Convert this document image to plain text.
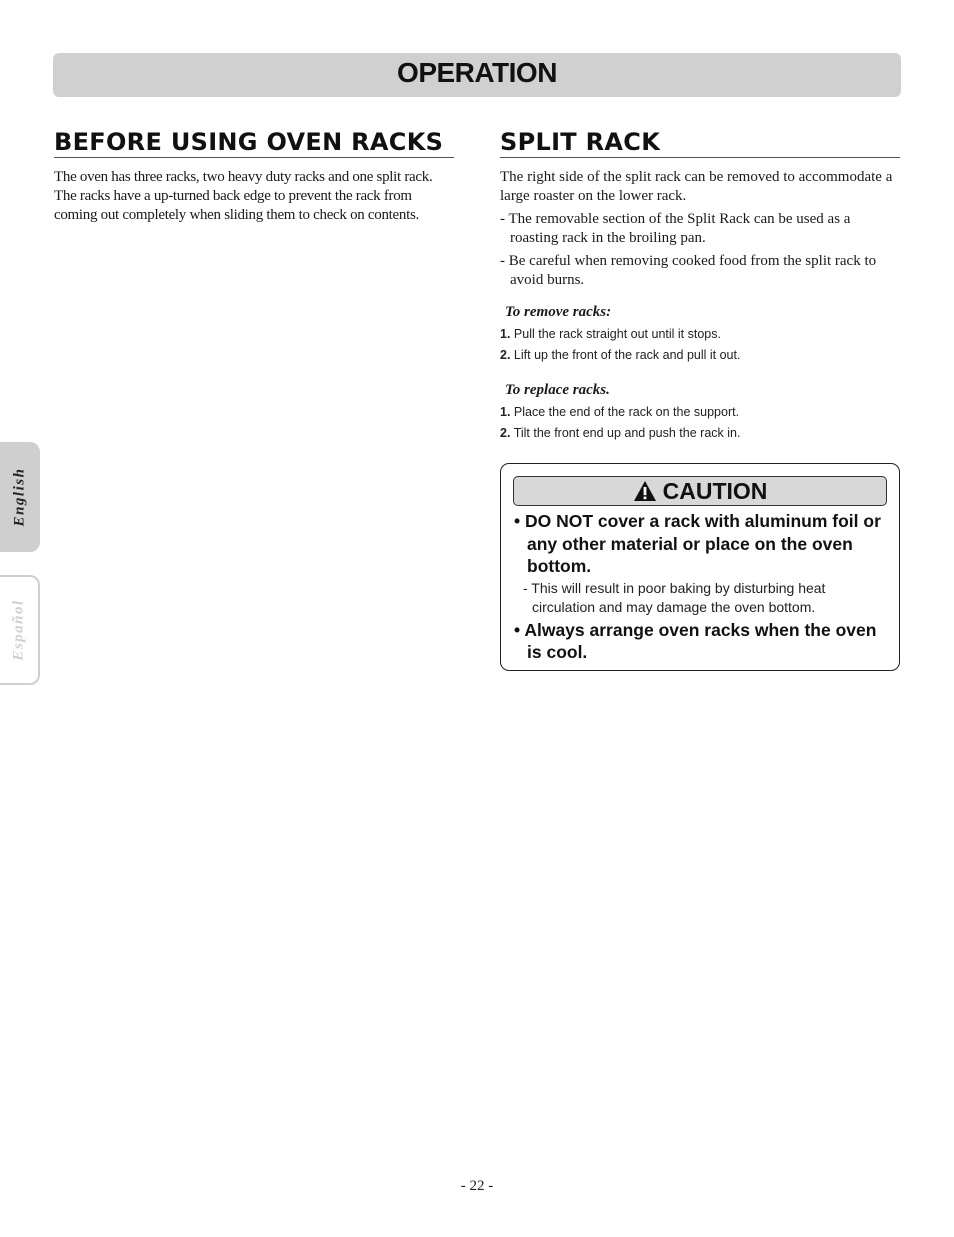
OPERATION
BEFORE USING OVEN RACKS

The oven has three racks, two heavy duty racks and one split rack. The racks have a up-turned back edge to prevent the rack from coming out completely when sliding them to check on contents.

SPLIT RACK

The right side of the split rack can be removed to accommodate a large roaster on the lower rack.

- The removable section of the Split Rack can be used as a roasting rack in the broiling pan.

- Be careful when removing cooked food from the split rack to avoid burns.

To remove racks:

1. Pull the rack straight out until it stops.

2. Lift up the front of the rack and pull it out.

To replace racks.

1. Place the end of the rack on the support.

2. Tilt the front end up and push the rack in.

CAUTION

• DO NOT cover a rack with aluminum foil or any other material or place on the oven bottom.

- This will result in poor baking by disturbing heat circulation and may damage the oven bottom.

• Always arrange oven racks when the oven is cool.

English
Español
- 22 -
